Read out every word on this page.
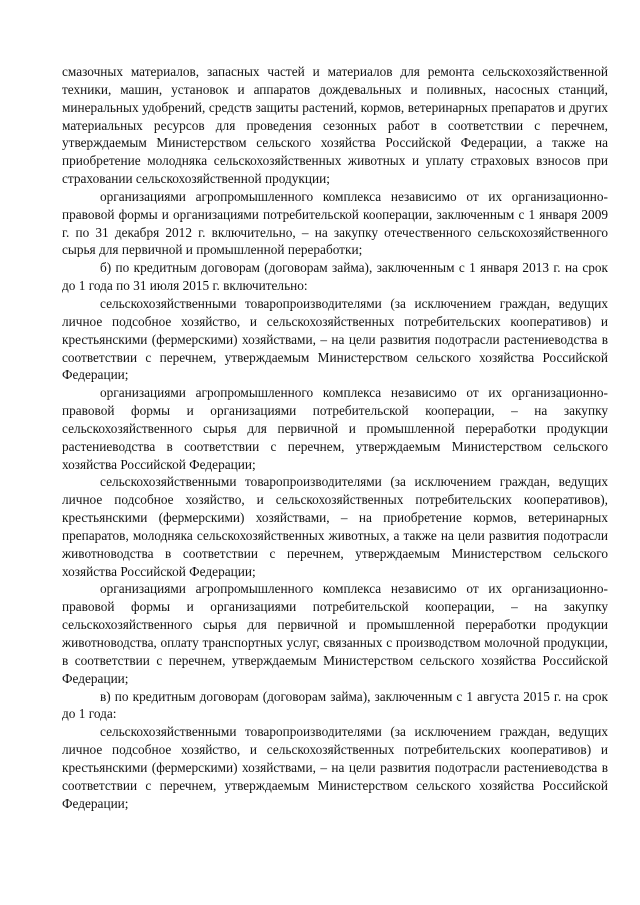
смазочных материалов, запасных частей и материалов для ремонта сельскохозяйственной техники, машин, установок и аппаратов дождевальных и поливных, насосных станций, минеральных удобрений, средств защиты растений, кормов, ветеринарных препаратов и других материальных ресурсов для проведения сезонных работ в соответствии с перечнем, утверждаемым Министерством сельского хозяйства Российской Федерации, а также на приобретение молодняка сельскохозяйственных животных и уплату страховых взносов при страховании сельскохозяйственной продукции;

организациями агропромышленного комплекса независимо от их организационно-правовой формы и организациями потребительской кооперации, заключенным с 1 января 2009 г. по 31 декабря 2012 г. включительно, – на закупку отечественного сельскохозяйственного сырья для первичной и промышленной переработки;

б) по кредитным договорам (договорам займа), заключенным с 1 января 2013 г. на срок до 1 года по 31 июля 2015 г. включительно:

сельскохозяйственными товаропроизводителями (за исключением граждан, ведущих личное подсобное хозяйство, и сельскохозяйственных потребительских кооперативов) и крестьянскими (фермерскими) хозяйствами, – на цели развития подотрасли растениеводства в соответствии с перечнем, утверждаемым Министерством сельского хозяйства Российской Федерации;

организациями агропромышленного комплекса независимо от их организационно-правовой формы и организациями потребительской кооперации, – на закупку сельскохозяйственного сырья для первичной и промышленной переработки продукции растениеводства в соответствии с перечнем, утверждаемым Министерством сельского хозяйства Российской Федерации;

сельскохозяйственными товаропроизводителями (за исключением граждан, ведущих личное подсобное хозяйство, и сельскохозяйственных потребительских кооперативов), крестьянскими (фермерскими) хозяйствами, – на приобретение кормов, ветеринарных препаратов, молодняка сельскохозяйственных животных, а также на цели развития подотрасли животноводства в соответствии с перечнем, утверждаемым Министерством сельского хозяйства Российской Федерации;

организациями агропромышленного комплекса независимо от их организационно-правовой формы и организациями потребительской кооперации, – на закупку сельскохозяйственного сырья для первичной и промышленной переработки продукции животноводства, оплату транспортных услуг, связанных с производством молочной продукции, в соответствии с перечнем, утверждаемым Министерством сельского хозяйства Российской Федерации;

в) по кредитным договорам (договорам займа), заключенным с 1 августа 2015 г. на срок до 1 года:

сельскохозяйственными товаропроизводителями (за исключением граждан, ведущих личное подсобное хозяйство, и сельскохозяйственных потребительских кооперативов) и крестьянскими (фермерскими) хозяйствами, – на цели развития подотрасли растениеводства в соответствии с перечнем, утверждаемым Министерством сельского хозяйства Российской Федерации;
